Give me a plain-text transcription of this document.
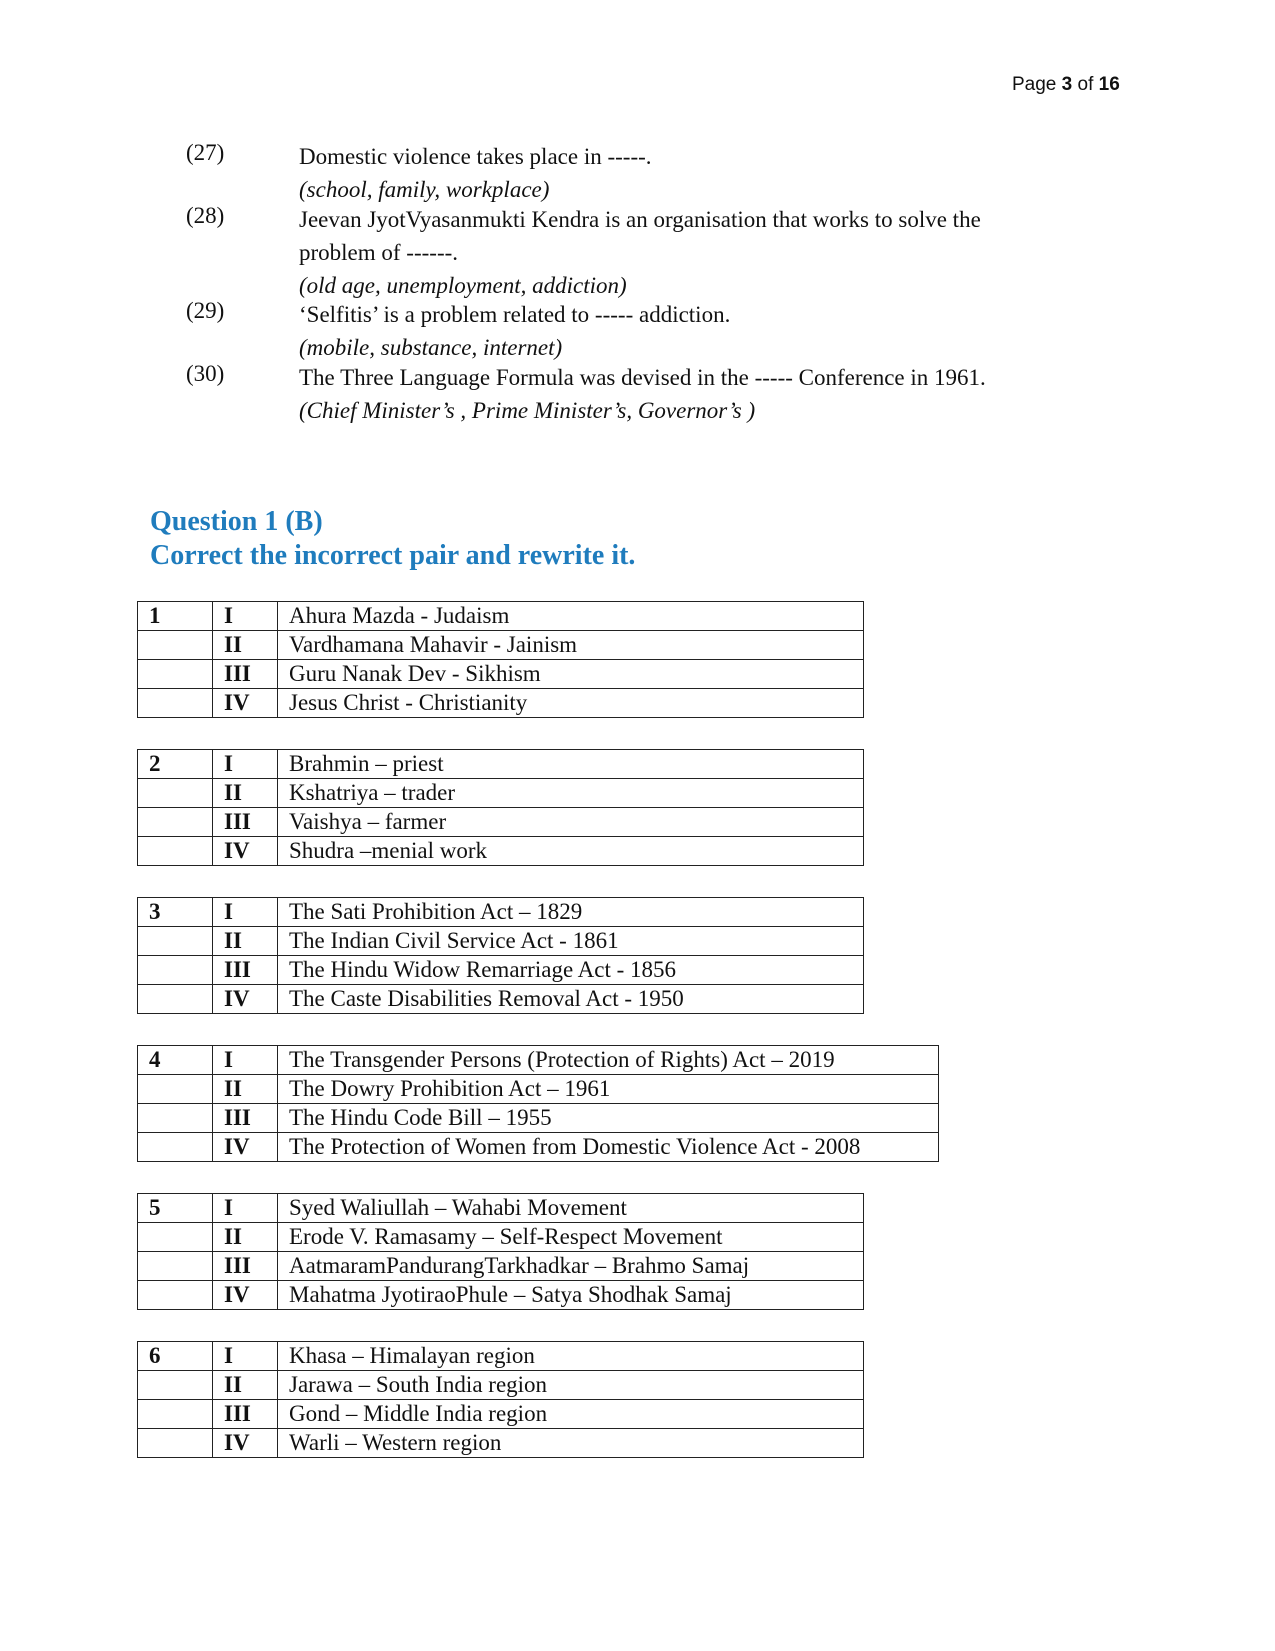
Page 3 of 16
(27)	Domestic violence takes place in -----.
(school, family, workplace)
(28)	Jeevan JyotVyasanmukti Kendra is an organisation that works to solve the
problem of ------.
(old age, unemployment, addiction)
(29)	‘Selfitis’ is a problem related to ----- addiction.
(mobile, substance, internet)
(30)	The Three Language Formula was devised in the ----- Conference in 1961.
(Chief Minister’s , Prime Minister’s, Governor’s )
Question 1 (B)
Correct the incorrect pair and rewrite it.
1	I	Ahura Mazda - Judaism
	II	Vardhamana Mahavir - Jainism
	III	Guru Nanak Dev - Sikhism
	IV	Jesus Christ - Christianity
2	I	Brahmin – priest
	II	Kshatriya – trader
	III	Vaishya – farmer
	IV	Shudra –menial work
3	I	The Sati Prohibition Act – 1829
	II	The Indian Civil Service Act - 1861
	III	The Hindu Widow Remarriage Act - 1856
	IV	The Caste Disabilities Removal Act - 1950
4	I	The Transgender Persons (Protection of Rights) Act – 2019
	II	The Dowry Prohibition Act – 1961
	III	The Hindu Code Bill – 1955
	IV	The Protection of Women from Domestic Violence Act - 2008
5	I	Syed Waliullah – Wahabi Movement
	II	Erode V. Ramasamy – Self-Respect Movement
	III	AatmaramPandurangTarkhadkar – Brahmo Samaj
	IV	Mahatma JyotiraoPhule – Satya Shodhak Samaj
6	I	Khasa – Himalayan region
	II	Jarawa – South India region
	III	Gond – Middle India region
	IV	Warli – Western region
